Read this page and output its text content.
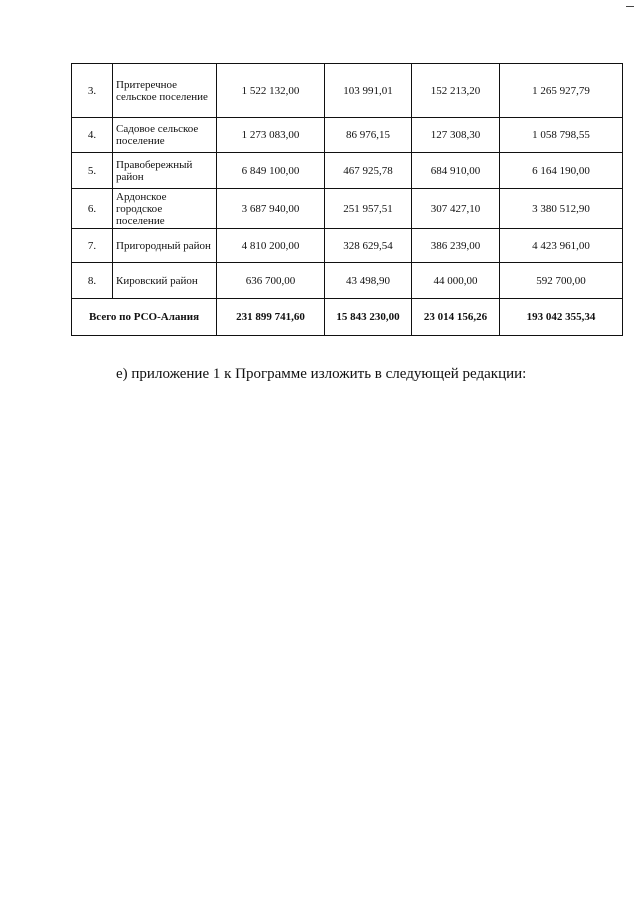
3.	Притеречное сельское поселение	1 522 132,00	103 991,01	152 213,20	1 265 927,79
4.	Садовое сельское поселение	1 273 083,00	86 976,15	127 308,30	1 058 798,55
5.	Правобережный район	6 849 100,00	467 925,78	684 910,00	6 164 190,00
6.	Ардонское городское поселение	3 687 940,00	251 957,51	307 427,10	3 380 512,90
7.	Пригородный район	4 810 200,00	328 629,54	386 239,00	4 423 961,00
8.	Кировский район	636 700,00	43 498,90	44 000,00	592 700,00
Всего по РСО-Алания		231 899 741,60	15 843 230,00	23 014 156,26	193 042 355,34
е) приложение 1 к Программе изложить в следующей редакции:
